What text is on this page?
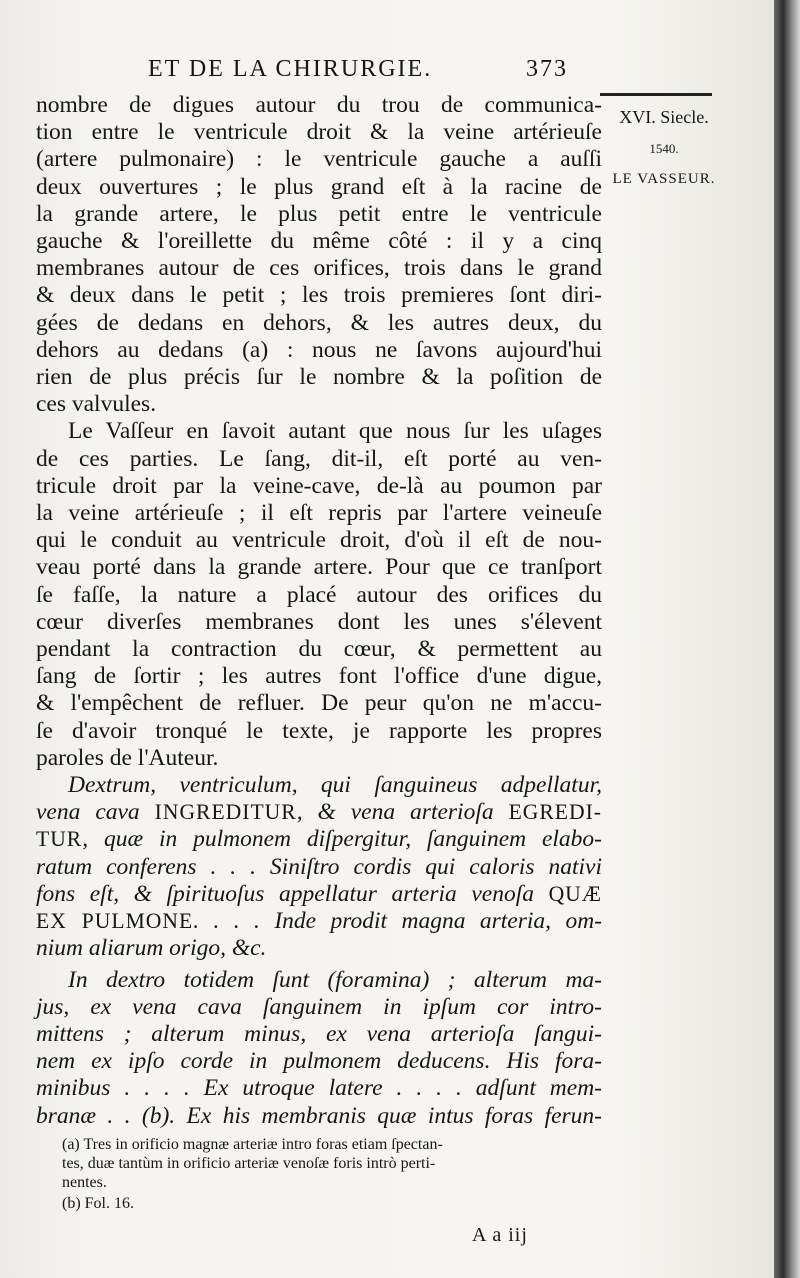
ET DE LA CHIRURGIE.	373
XVI. Siecle.
1540.
LE VASSEUR.
nombre de digues autour du trou de communica-
tion entre le ventricule droit & la veine artérieuſe
(artere pulmonaire) : le ventricule gauche a auſſi
deux ouvertures ; le plus grand eſt à la racine de
la grande artere, le plus petit entre le ventricule
gauche & l'oreillette du même côté : il y a cinq
membranes autour de ces orifices, trois dans le grand
& deux dans le petit ; les trois premieres ſont diri-
gées de dedans en dehors, & les autres deux, du
dehors au dedans (a) : nous ne ſavons aujourd'hui
rien de plus précis ſur le nombre & la poſition de
ces valvules.
Le Vaſſeur en ſavoit autant que nous ſur les uſages
de ces parties. Le ſang, dit-il, eſt porté au ven-
tricule droit par la veine-cave, de-là au poumon par
la veine artérieuſe ; il eſt repris par l'artere veineuſe
qui le conduit au ventricule droit, d'où il eſt de nou-
veau porté dans la grande artere. Pour que ce tranſport
ſe faſſe, la nature a placé autour des orifices du
cœur diverſes membranes dont les unes s'élevent
pendant la contraction du cœur, & permettent au
ſang de ſortir ; les autres font l'office d'une digue,
& l'empêchent de refluer. De peur qu'on ne m'accu-
ſe d'avoir tronqué le texte, je rapporte les propres
paroles de l'Auteur.
Dextrum, ventriculum, qui ſanguineus adpellatur,
vena cava INGREDITUR, & vena arterioſa EGREDI-
TUR, quæ in pulmonem diſpergitur, ſanguinem elabo-
ratum conferens . . . Siniſtro cordis qui caloris nativi
fons eſt, & ſpirituoſus appellatur arteria venoſa QUÆ
EX PULMONE. . . . Inde prodit magna arteria, om-
nium aliarum origo, &c.
In dextro totidem ſunt (foramina) ; alterum ma-
jus, ex vena cava ſanguinem in ipſum cor intro-
mittens ; alterum minus, ex vena arterioſa ſangui-
nem ex ipſo corde in pulmonem deducens. His fora-
minibus . . . . Ex utroque latere . . . . adſunt mem-
branæ . . (b). Ex his membranis quæ intus foras ferun-
(a) Tres in orificio magnæ arteriæ intro foras etiam ſpectan-
tes, duæ tantùm in orificio arteriæ venoſæ foris intrò perti-
nentes.
(b) Fol. 16.
A a iij
